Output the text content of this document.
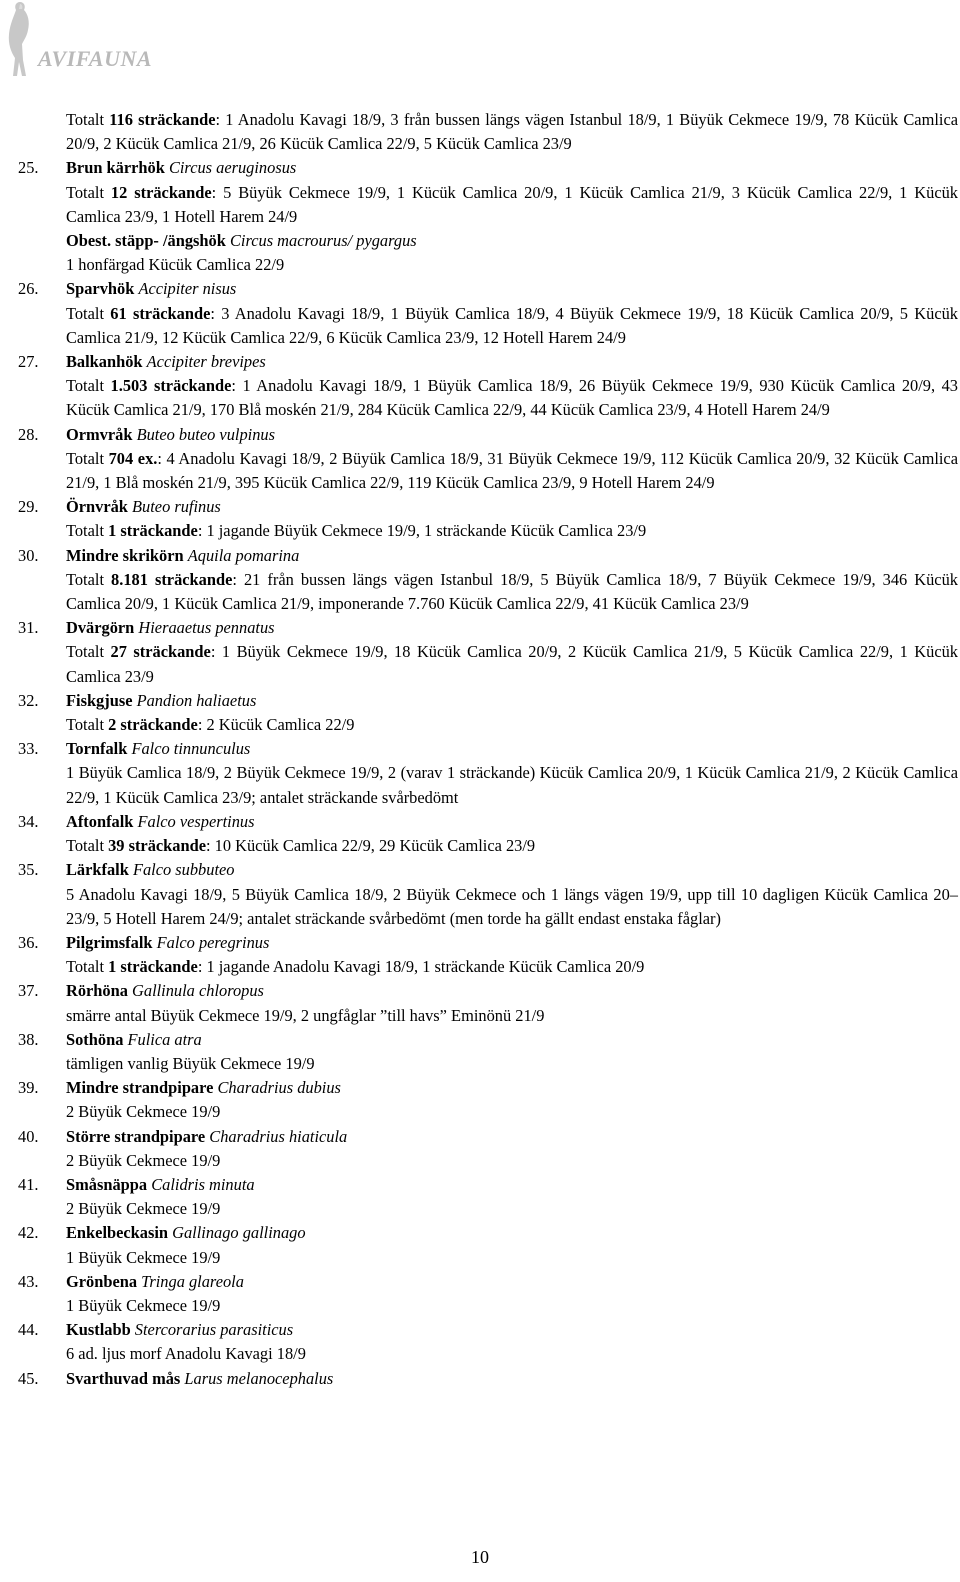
AVIFAUNA
Totalt 116 sträckande: 1 Anadolu Kavagi 18/9, 3 från bussen längs vägen Istanbul 18/9, 1 Büyük Cekmece 19/9, 78 Kücük Camlica 20/9, 2 Kücük Camlica 21/9, 26 Kücük Camlica 22/9, 5 Kücük Camlica 23/9
25. Brun kärrhök Circus aeruginosus
Totalt 12 sträckande: 5 Büyük Cekmece 19/9, 1 Kücük Camlica 20/9, 1 Kücük Camlica 21/9, 3 Kücük Camlica 22/9, 1 Kücük Camlica 23/9, 1 Hotell Harem 24/9
Obest. stäpp- /ängshök Circus macrourus/ pygargus
1 honfärgad Kücük Camlica 22/9
26. Sparvhök Accipiter nisus
Totalt 61 sträckande: 3 Anadolu Kavagi 18/9, 1 Büyük Camlica 18/9, 4 Büyük Cekmece 19/9, 18 Kücük Camlica 20/9, 5 Kücük Camlica 21/9, 12 Kücük Camlica 22/9, 6 Kücük Camlica 23/9, 12 Hotell Harem 24/9
27. Balkanhök Accipiter brevipes
Totalt 1.503 sträckande: 1 Anadolu Kavagi 18/9, 1 Büyük Camlica 18/9, 26 Büyük Cekmece 19/9, 930 Kücük Camlica 20/9, 43 Kücük Camlica 21/9, 170 Blå moskén 21/9, 284 Kücük Camlica 22/9, 44 Kücük Camlica 23/9, 4 Hotell Harem 24/9
28. Ormvråk Buteo buteo vulpinus
Totalt 704 ex.: 4 Anadolu Kavagi 18/9, 2 Büyük Camlica 18/9, 31 Büyük Cekmece 19/9, 112 Kücük Camlica 20/9, 32 Kücük Camlica 21/9, 1 Blå moskén 21/9, 395 Kücük Camlica 22/9, 119 Kücük Camlica 23/9, 9 Hotell Harem 24/9
29. Örnvråk Buteo rufinus
Totalt 1 sträckande: 1 jagande Büyük Cekmece 19/9, 1 sträckande Kücük Camlica 23/9
30. Mindre skrikörn Aquila pomarina
Totalt 8.181 sträckande: 21 från bussen längs vägen Istanbul 18/9, 5 Büyük Camlica 18/9, 7 Büyük Cekmece 19/9, 346 Kücük Camlica 20/9, 1 Kücük Camlica 21/9, imponerande 7.760 Kücük Camlica 22/9, 41 Kücük Camlica 23/9
31. Dvärgörn Hieraaetus pennatus
Totalt 27 sträckande: 1 Büyük Cekmece 19/9, 18 Kücük Camlica 20/9, 2 Kücük Camlica 21/9, 5 Kücük Camlica 22/9, 1 Kücük Camlica 23/9
32. Fiskgjuse Pandion haliaetus
Totalt 2 sträckande: 2 Kücük Camlica 22/9
33. Tornfalk Falco tinnunculus
1 Büyük Camlica 18/9, 2 Büyük Cekmece 19/9, 2 (varav 1 sträckande) Kücük Camlica 20/9, 1 Kücük Camlica 21/9, 2 Kücük Camlica 22/9, 1 Kücük Camlica 23/9; antalet sträckande svårbedömt
34. Aftonfalk Falco vespertinus
Totalt 39 sträckande: 10 Kücük Camlica 22/9, 29 Kücük Camlica 23/9
35. Lärkfalk Falco subbuteo
5 Anadolu Kavagi 18/9, 5 Büyük Camlica 18/9, 2 Büyük Cekmece och 1 längs vägen 19/9, upp till 10 dagligen Kücük Camlica 20–23/9, 5 Hotell Harem 24/9; antalet sträckande svårbedömt (men torde ha gällt endast enstaka fåglar)
36. Pilgrimsfalk Falco peregrinus
Totalt 1 sträckande: 1 jagande Anadolu Kavagi 18/9, 1 sträckande Kücük Camlica 20/9
37. Rörhöna Gallinula chloropus
smärre antal Büyük Cekmece 19/9, 2 ungfåglar ”till havs” Eminönü 21/9
38. Sothöna Fulica atra
tämligen vanlig Büyük Cekmece 19/9
39. Mindre strandpipare Charadrius dubius
2 Büyük Cekmece 19/9
40. Större strandpipare Charadrius hiaticula
2 Büyük Cekmece 19/9
41. Småsnäppa Calidris minuta
2 Büyük Cekmece 19/9
42. Enkelbeckasin Gallinago gallinago
1 Büyük Cekmece 19/9
43. Grönbena Tringa glareola
1 Büyük Cekmece 19/9
44. Kustlabb Stercorarius parasiticus
6 ad. ljus morf Anadolu Kavagi 18/9
45. Svarthuvad mås Larus melanocephalus
10
